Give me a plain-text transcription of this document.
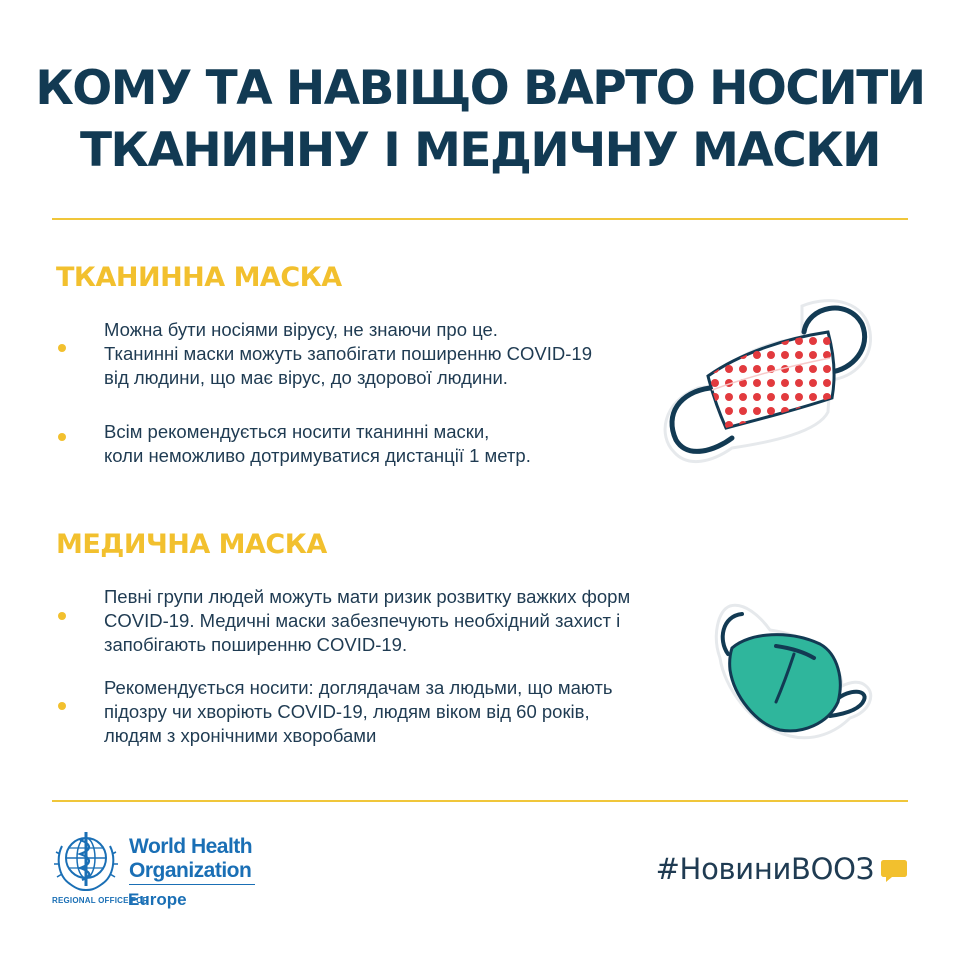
КОМУ ТА НАВІЩО ВАРТО НОСИТИ
ТКАНИННУ І МЕДИЧНУ МАСКИ
ТКАНИННА МАСКА
Можна бути носіями вірусу, не знаючи про це.
Тканинні маски можуть запобігати поширенню COVID-19
від людини, що має вірус, до здорової людини.
Всім рекомендується носити тканинні маски,
коли неможливо дотримуватися дистанції 1 метр.
МЕДИЧНА МАСКА
Певні групи людей можуть мати ризик розвитку важких форм
COVID-19. Медичні маски забезпечують необхідний захист і
запобігають поширенню COVID-19.
Рекомендується носити: доглядачам за людьми, що мають
підозру чи хворіють COVID-19, людям віком від 60 років,
людям з хронічними хворобами
World Health
Organization
REGIONAL OFFICE FOR
Europe
#НовиниВООЗ
